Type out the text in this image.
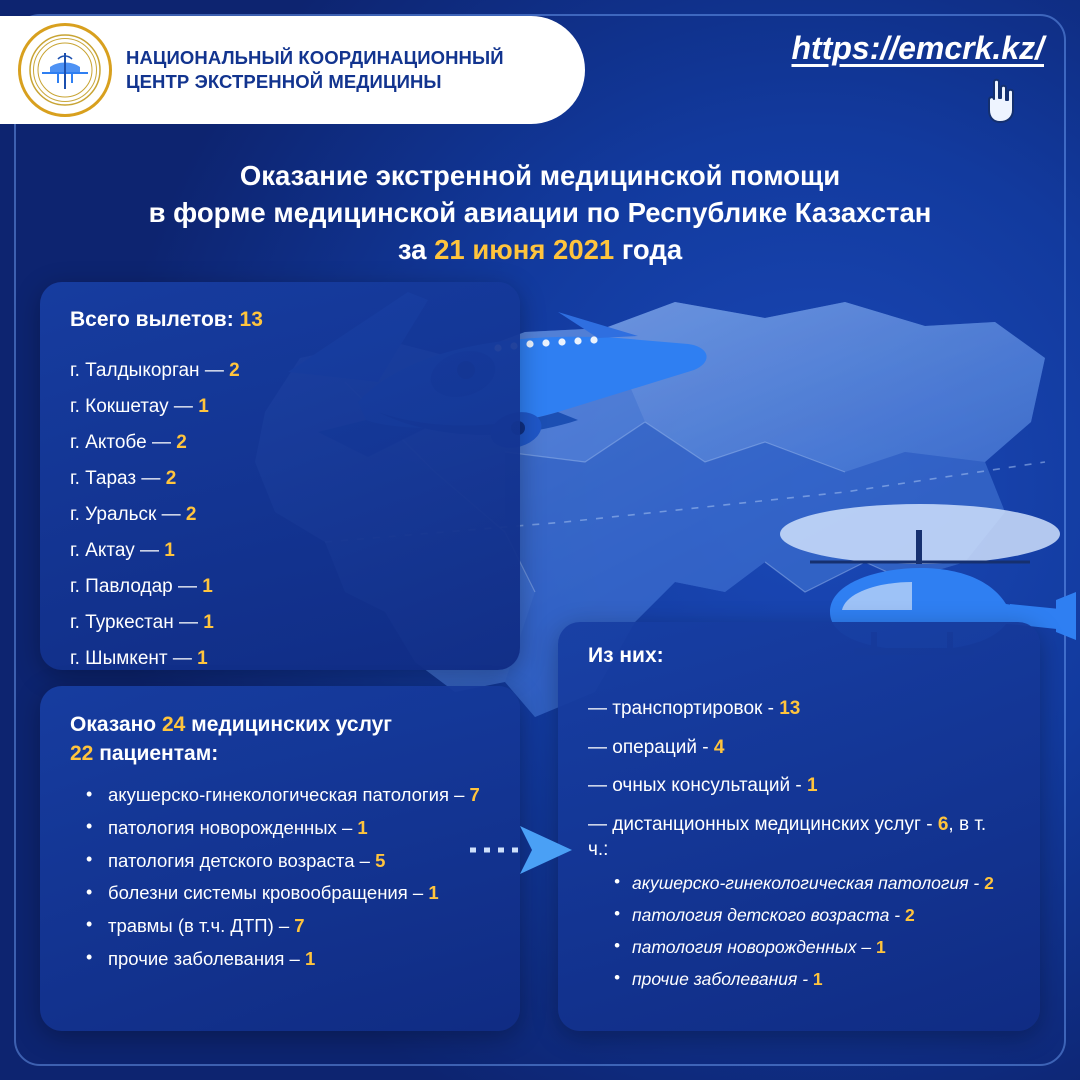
НАЦИОНАЛЬНЫЙ КООРДИНАЦИОННЫЙ
ЦЕНТР ЭКСТРЕННОЙ МЕДИЦИНЫ
https://emcrk.kz/
Оказание экстренной медицинской помощи
в форме медицинской авиации по Республике Казахстан
за 21 июня 2021 года
Всего вылетов: 13
г. Талдыкорган — 2
г. Кокшетау — 1
г. Актобе — 2
г. Тараз — 2
г. Уральск — 2
г. Актау — 1
г. Павлодар — 1
г. Туркестан — 1
г. Шымкент — 1
Оказано 24 медицинских услуг
22 пациентам:
• акушерско-гинекологическая патология – 7
• патология новорожденных – 1
• патология детского возраста – 5
• болезни системы кровообращения – 1
• травмы (в т.ч. ДТП) – 7
• прочие заболевания – 1
Из них:
— транспортировок - 13
— операций - 4
— очных консультаций - 1
— дистанционных медицинских услуг - 6, в т. ч.:
• акушерско-гинекологическая патология - 2
• патология детского возраста - 2
• патология новорожденных – 1
• прочие заболевания - 1
